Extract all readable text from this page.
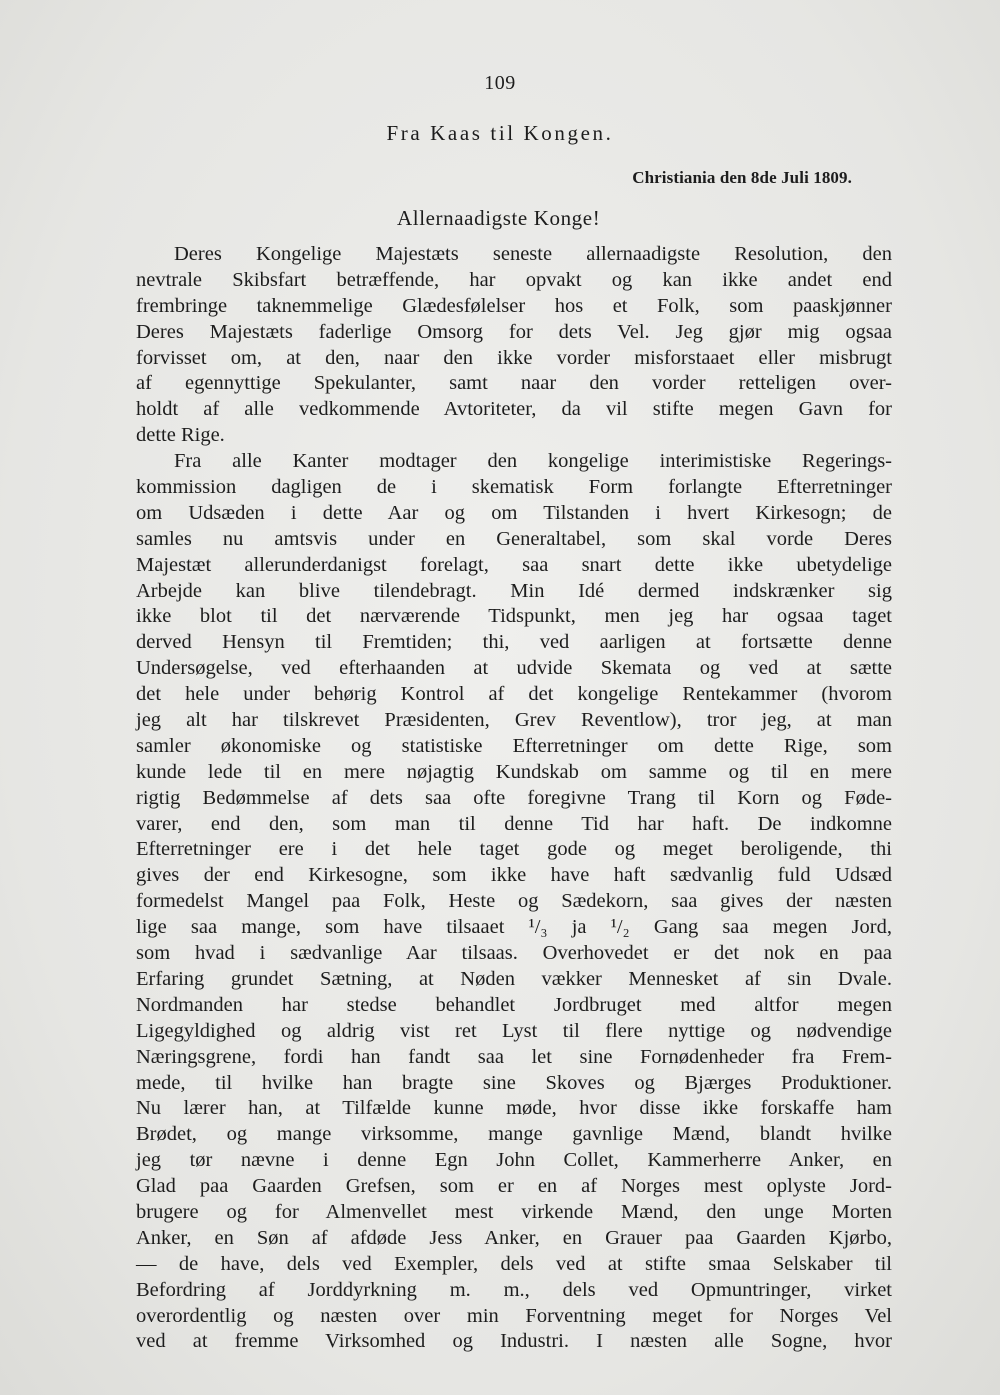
109
Fra Kaas til Kongen.
Christiania den 8de Juli 1809.
Allernaadigste Konge!
Deres Kongelige Majestæts seneste allernaadigste Resolution, den
nevtrale Skibsfart betræffende, har opvakt og kan ikke andet end
frembringe taknemmelige Glædesfølelser hos et Folk, som paaskjønner
Deres Majestæts faderlige Omsorg for dets Vel. Jeg gjør mig ogsaa
forvisset om, at den, naar den ikke vorder misforstaaet eller misbrugt
af egennyttige Spekulanter, samt naar den vorder retteligen over-
holdt af alle vedkommende Avtoriteter, da vil stifte megen Gavn for
dette Rige.
Fra alle Kanter modtager den kongelige interimistiske Regerings-
kommission dagligen de i skematisk Form forlangte Efterretninger
om Udsæden i dette Aar og om Tilstanden i hvert Kirkesogn; de
samles nu amtsvis under en Generaltabel, som skal vorde Deres
Majestæt allerunderdanigst forelagt, saa snart dette ikke ubetydelige
Arbejde kan blive tilendebragt. Min Idé dermed indskrænker sig
ikke blot til det nærværende Tidspunkt, men jeg har ogsaa taget
derved Hensyn til Fremtiden; thi, ved aarligen at fortsætte denne
Undersøgelse, ved efterhaanden at udvide Skemata og ved at sætte
det hele under behørig Kontrol af det kongelige Rentekammer (hvorom
jeg alt har tilskrevet Præsidenten, Grev Reventlow), tror jeg, at man
samler økonomiske og statistiske Efterretninger om dette Rige, som
kunde lede til en mere nøjagtig Kundskab om samme og til en mere
rigtig Bedømmelse af dets saa ofte foregivne Trang til Korn og Føde-
varer, end den, som man til denne Tid har haft. De indkomne
Efterretninger ere i det hele taget gode og meget beroligende, thi
gives der end Kirkesogne, som ikke have haft sædvanlig fuld Udsæd
formedelst Mangel paa Folk, Heste og Sædekorn, saa gives der næsten
lige saa mange, som have tilsaaet ¹/₃ ja ¹/₂ Gang saa megen Jord,
som hvad i sædvanlige Aar tilsaas. Overhovedet er det nok en paa
Erfaring grundet Sætning, at Nøden vækker Mennesket af sin Dvale.
Nordmanden har stedse behandlet Jordbruget med altfor megen
Ligegyldighed og aldrig vist ret Lyst til flere nyttige og nødvendige
Næringsgrene, fordi han fandt saa let sine Fornødenheder fra Frem-
mede, til hvilke han bragte sine Skoves og Bjærges Produktioner.
Nu lærer han, at Tilfælde kunne møde, hvor disse ikke forskaffe ham
Brødet, og mange virksomme, mange gavnlige Mænd, blandt hvilke
jeg tør nævne i denne Egn John Collet, Kammerherre Anker, en
Glad paa Gaarden Grefsen, som er en af Norges mest oplyste Jord-
brugere og for Almenvellet mest virkende Mænd, den unge Morten
Anker, en Søn af afdøde Jess Anker, en Grauer paa Gaarden Kjørbo,
— de have, dels ved Exempler, dels ved at stifte smaa Selskaber til
Befordring af Jorddyrkning m. m., dels ved Opmuntringer, virket
overordentlig og næsten over min Forventning meget for Norges Vel
ved at fremme Virksomhed og Industri. I næsten alle Sogne, hvor
